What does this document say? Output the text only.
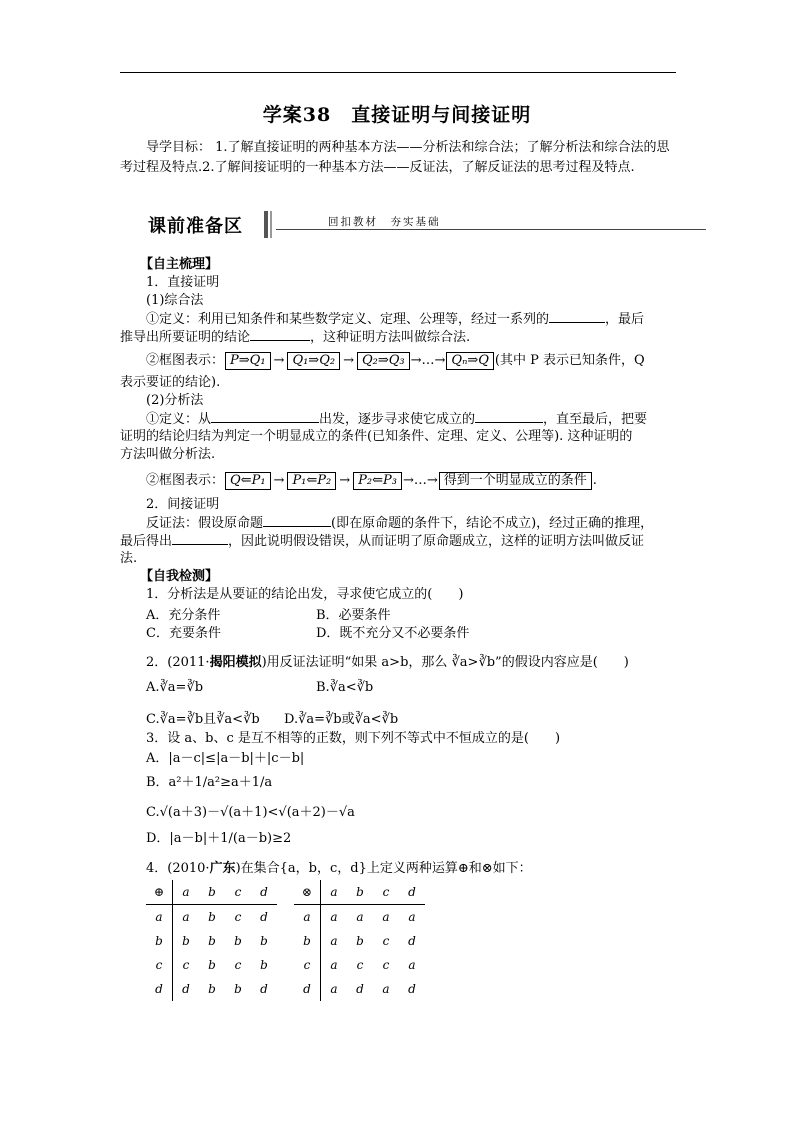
学案38　直接证明与间接证明
导学目标： 1.了解直接证明的两种基本方法——分析法和综合法；了解分析法和综合法的思考过程及特点.2.了解间接证明的一种基本方法——反证法，了解反证法的思考过程及特点.
课前准备区	回扣教材　夯实基础
【自主梳理】
1．直接证明
(1)综合法
①定义：利用已知条件和某些数学定义、定理、公理等，经过一系列的	，最后
推导出所要证明的结论	，这种证明方法叫做综合法.
②框图表示： P⇒Q₁ → Q₁⇒Q₂ → Q₂⇒Q₃ →…→ Qₙ⇒Q (其中 P 表示已知条件，Q
表示要证的结论).
(2)分析法
①定义：从	出发，逐步寻求使它成立的	，直至最后，把要
证明的结论归结为判定一个明显成立的条件(已知条件、定理、定义、公理等). 这种证明的
方法叫做分析法.
②框图表示： Q⇐P₁ → P₁⇐P₂ → P₂⇐P₃ →…→ 得到一个明显成立的条件 .
2．间接证明
反证法：假设原命题	(即在原命题的条件下，结论不成立)，经过正确的推理，
最后得出	，因此说明假设错误，从而证明了原命题成立，这样的证明方法叫做反证
法.
【自我检测】
1．分析法是从要证的结论出发，寻求使它成立的(　　)
A．充分条件	B．必要条件
C．充要条件	D．既不充分又不必要条件
2．(2011·揭阳模拟)用反证法证明“如果 a>b，那么 ∛a>∛b”的假设内容应是(　　)
A.∛a=∛b	B.∛a<∛b
C.∛a=∛b且∛a<∛b D.∛a=∛b或∛a<∛b
3．设 a、b、c 是互不相等的正数，则下列不等式中不恒成立的是(　　)
A．|a－c|≤|a－b|＋|c－b|
B．a²＋1/a²≥a＋1/a
C.√(a＋3)－√(a＋1)<√(a＋2)－√a
D．|a－b|＋1/(a－b)≥2
4．(2010·广东)在集合{a，b，c，d}上定义两种运算⊕和⊗如下：
⊕	a	b	c	d
a	a	b	c	d
b	b	b	b	b
c	c	b	c	b
d	d	b	b	d
⊗	a	b	c	d
a	a	a	a	a
b	a	b	c	d
c	a	c	c	a
d	a	d	a	d
